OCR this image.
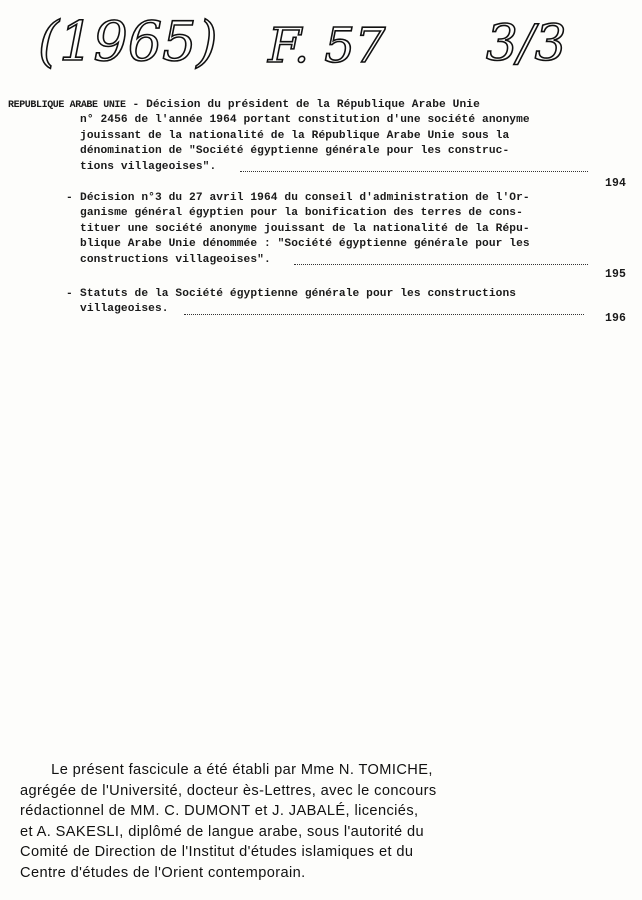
(1965) F. 57 3/3
REPUBLIQUE ARABE UNIE - Décision du président de la République Arabe Unie
n° 2456 de l'année 1964 portant constitution d'une société anonyme
jouissant de la nationalité de la République Arabe Unie sous la
dénomination de "Société égyptienne générale pour les construc-
tions villageoises".
194
- Décision n°3 du 27 avril 1964 du conseil d'administration de l'Or-
ganisme général égyptien pour la bonification des terres de cons-
tituer une société anonyme jouissant de la nationalité de la Répu-
blique Arabe Unie dénommée : "Société égyptienne générale pour les
constructions villageoises".
195
- Statuts de la Société égyptienne générale pour les constructions
villageoises.
196
Le présent fascicule a été établi par Mme N. TOMICHE,
agrégée de l'Université, docteur ès-Lettres, avec le concours
rédactionnel de MM. C. DUMONT et J. JABALÉ, licenciés,
et A. SAKESLI, diplômé de langue arabe, sous l'autorité du
Comité de Direction de l'Institut d'études islamiques et du
Centre d'études de l'Orient contemporain.
